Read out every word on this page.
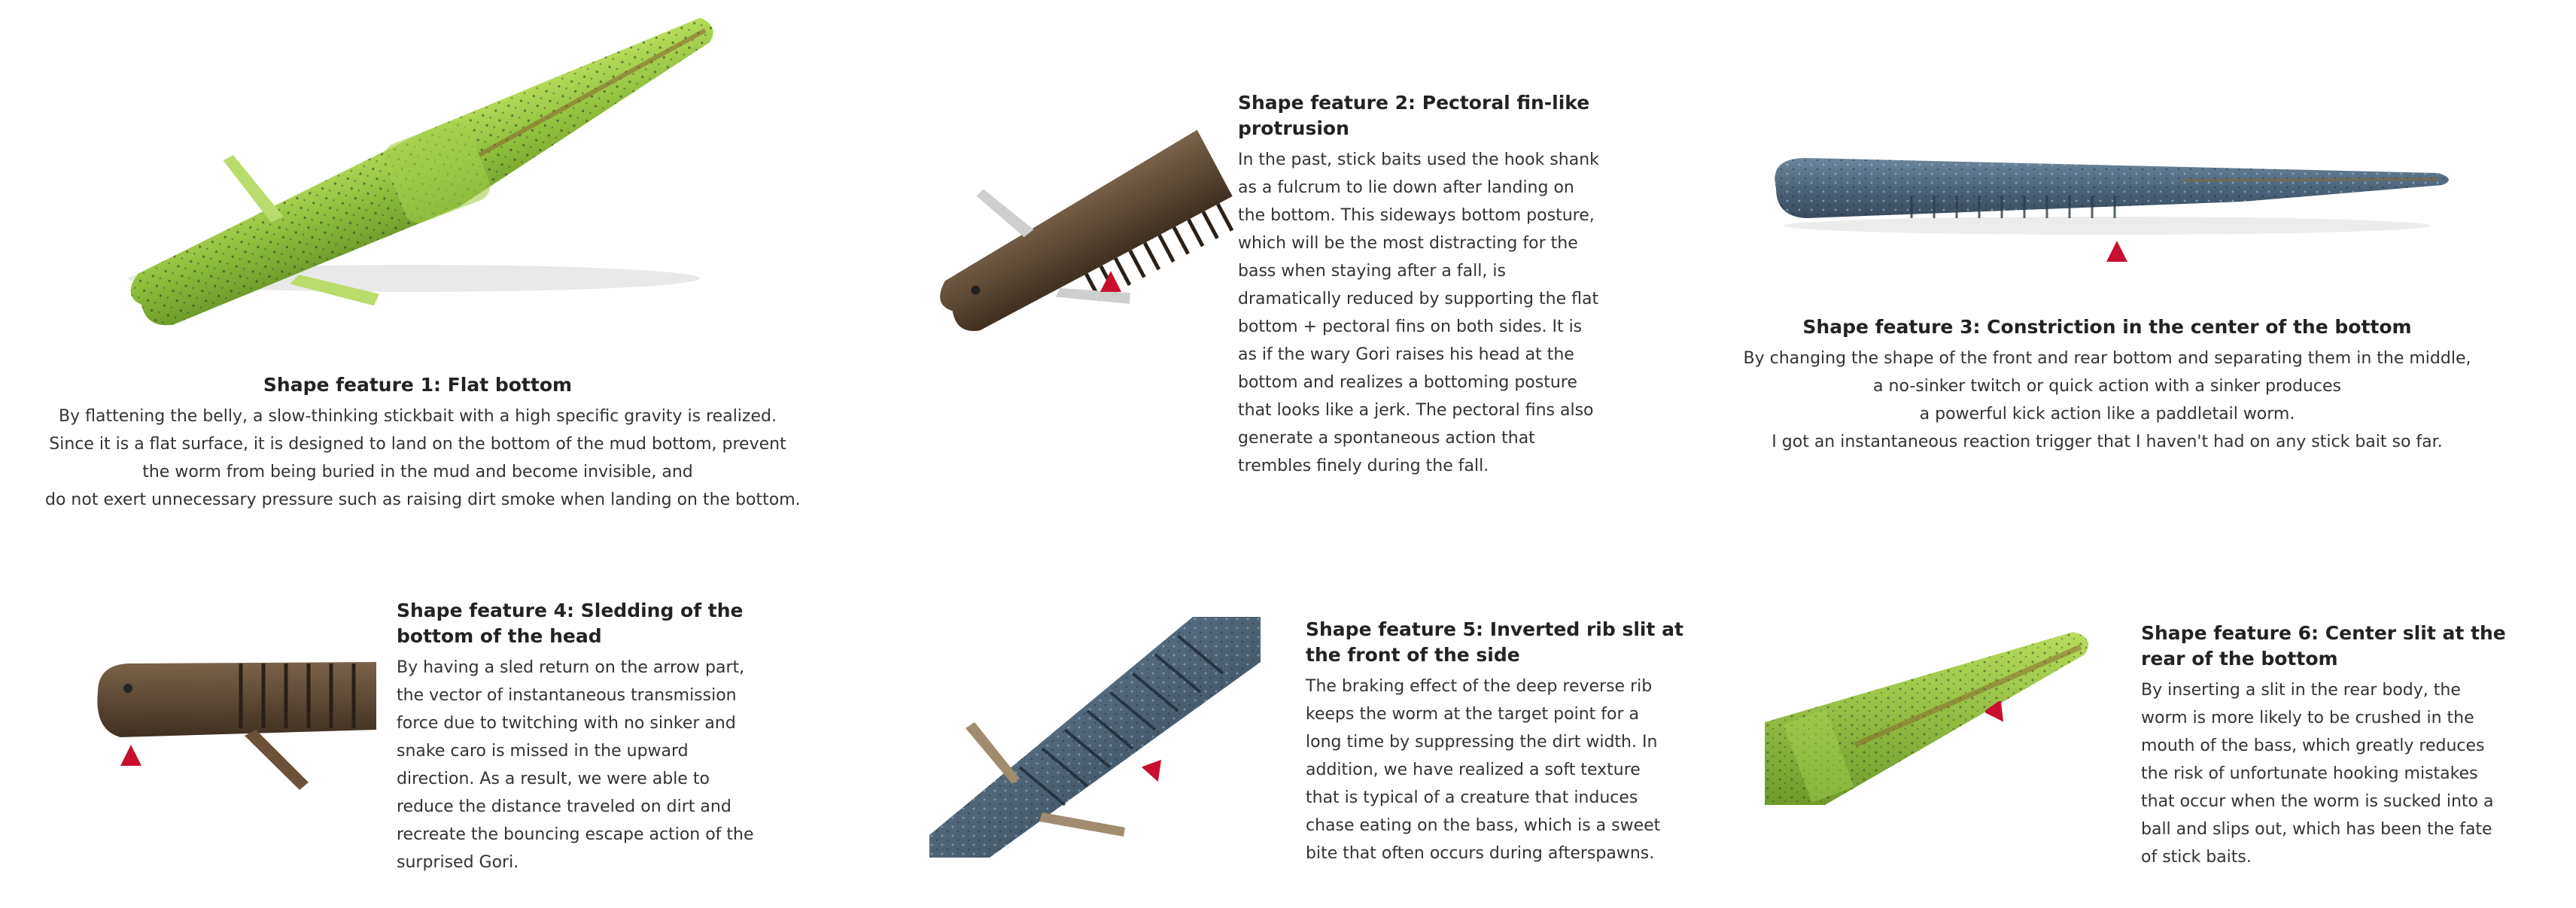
Shape feature 1: Flat bottom

By flattening the belly, a slow-thinking stickbait with a high specific gravity is realized.
Since it is a flat surface, it is designed to land on the bottom of the mud bottom, prevent
the worm from being buried in the mud and become invisible, and
do not exert unnecessary pressure such as raising dirt smoke when landing on the bottom.

Shape feature 2: Pectoral fin-like
protrusion

In the past, stick baits used the hook shank
as a fulcrum to lie down after landing on
the bottom. This sideways bottom posture,
which will be the most distracting for the
bass when staying after a fall, is
dramatically reduced by supporting the flat
bottom + pectoral fins on both sides. It is
as if the wary Gori raises his head at the
bottom and realizes a bottoming posture
that looks like a jerk. The pectoral fins also
generate a spontaneous action that
trembles finely during the fall.

Shape feature 3: Constriction in the center of the bottom

By changing the shape of the front and rear bottom and separating them in the middle,
a no-sinker twitch or quick action with a sinker produces
a powerful kick action like a paddletail worm.
I got an instantaneous reaction trigger that I haven't had on any stick bait so far.

Shape feature 4: Sledding of the
bottom of the head

By having a sled return on the arrow part,
the vector of instantaneous transmission
force due to twitching with no sinker and
snake caro is missed in the upward
direction. As a result, we were able to
reduce the distance traveled on dirt and
recreate the bouncing escape action of the
surprised Gori.

Shape feature 5: Inverted rib slit at
the front of the side

The braking effect of the deep reverse rib
keeps the worm at the target point for a
long time by suppressing the dirt width. In
addition, we have realized a soft texture
that is typical of a creature that induces
chase eating on the bass, which is a sweet
bite that often occurs during afterspawns.

Shape feature 6: Center slit at the
rear of the bottom

By inserting a slit in the rear body, the
worm is more likely to be crushed in the
mouth of the bass, which greatly reduces
the risk of unfortunate hooking mistakes
that occur when the worm is sucked into a
ball and slips out, which has been the fate
of stick baits.
